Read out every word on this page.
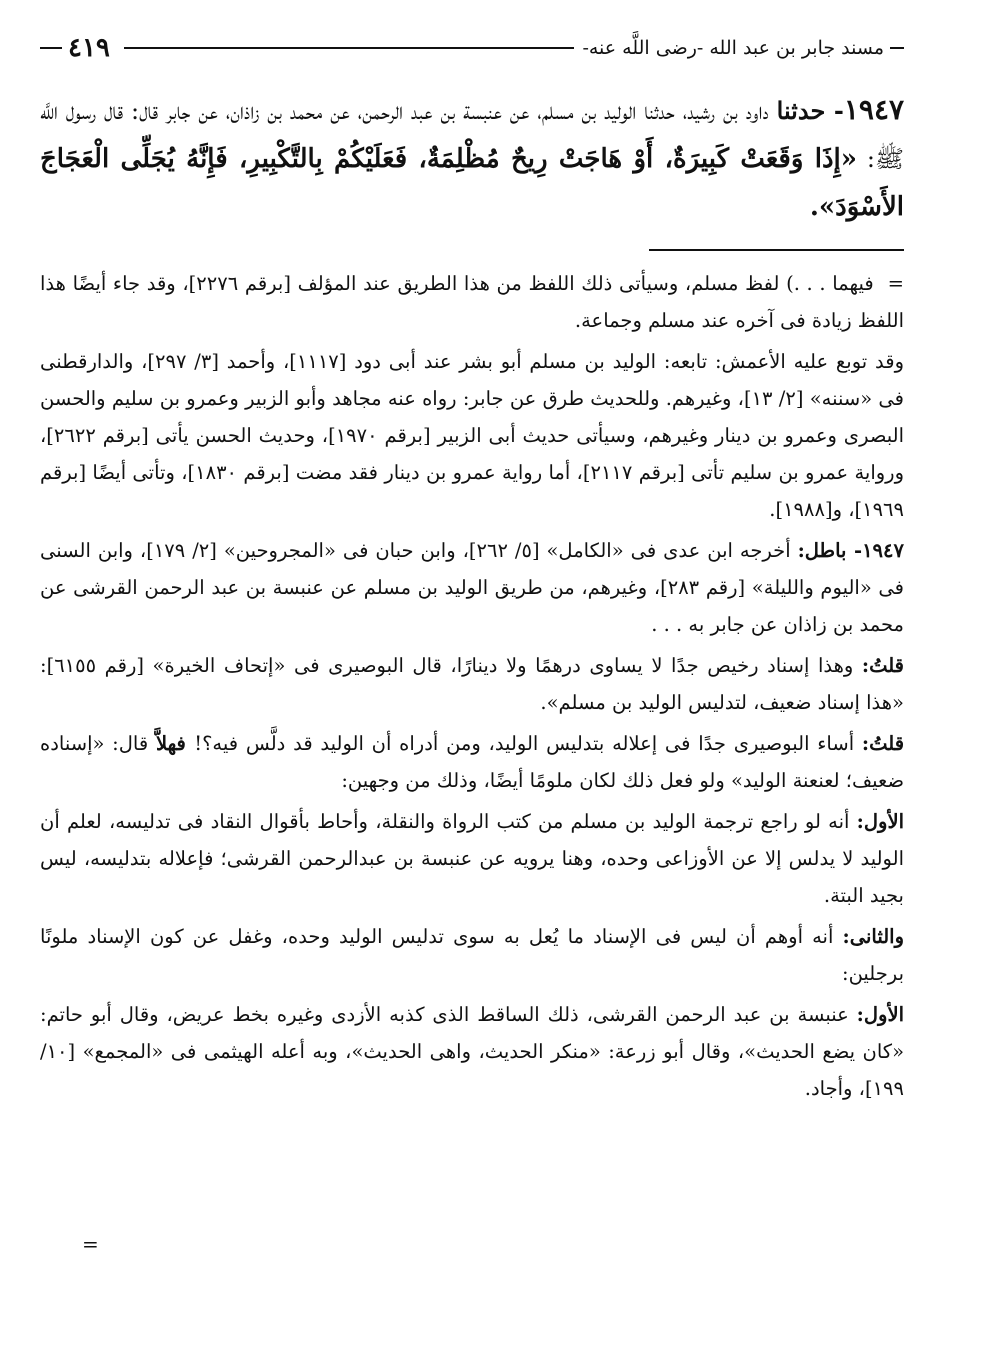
مسند جابر بن عبد الله -رضى اللَّه عنه-
٤١٩
١٩٤٧- حدثنا داود بن رشيد، حدثنا الوليد بن مسلم، عن عنبسة بن عبد الرحمن، عن محمد بن زاذان، عن جابر قال: قال رسول اللَّه ﷺ: «إِذَا وَقَعَتْ كَبِيرَةٌ، أَوْ هَاجَتْ رِيحٌ مُظْلِمَةٌ، فَعَلَيْكُمْ بِالتَّكْبِيرِ، فَإِنَّهُ يُجَلِّى الْعَجَاجَ الأَسْوَدَ».

=فيهما . . .) لفظ مسلم، وسيأتى ذلك اللفظ من هذا الطريق عند المؤلف [برقم ٢٢٧٦]، وقد جاء أيضًا هذا اللفظ زيادة فى آخره عند مسلم وجماعة.

وقد توبع عليه الأعمش: تابعه: الوليد بن مسلم أبو بشر عند أبى دود [١١١٧]، وأحمد [٣/ ٢٩٧]، والدارقطنى فى «سننه» [٢/ ١٣]، وغيرهم. وللحديث طرق عن جابر: رواه عنه مجاهد وأبو الزبير وعمرو بن سليم والحسن البصرى وعمرو بن دينار وغيرهم، وسيأتى حديث أبى الزبير [برقم ١٩٧٠]، وحديث الحسن يأتى [برقم ٢٦٢٢]، ورواية عمرو بن سليم تأتى [برقم ٢١١٧]، أما رواية عمرو بن دينار فقد مضت [برقم ١٨٣٠]، وتأتى أيضًا [برقم ١٩٦٩]، و[١٩٨٨].

١٩٤٧- باطل: أخرجه ابن عدى فى «الكامل» [٥/ ٢٦٢]، وابن حبان فى «المجروحين» [٢/ ١٧٩]، وابن السنى فى «اليوم والليلة» [رقم ٢٨٣]، وغيرهم، من طريق الوليد بن مسلم عن عنبسة بن عبد الرحمن القرشى عن محمد بن زاذان عن جابر به . . .

قلتُ: وهذا إسناد رخيص جدًا لا يساوى درهمًا ولا دينارًا، قال البوصيرى فى «إتحاف الخيرة» [رقم ٦١٥٥]: «هذا إسناد ضعيف، لتدليس الوليد بن مسلم».

قلتُ: أساء البوصيرى جدًا فى إعلاله بتدليس الوليد، ومن أدراه أن الوليد قد دلَّس فيه؟! فهلاَّ قال: «إسناده ضعيف؛ لعنعنة الوليد» ولو فعل ذلك لكان ملومًا أيضًا، وذلك من وجهين:

الأول: أنه لو راجع ترجمة الوليد بن مسلم من كتب الرواة والنقلة، وأحاط بأقوال النقاد فى تدليسه، لعلم أن الوليد لا يدلس إلا عن الأوزاعى وحده، وهنا يرويه عن عنبسة بن عبدالرحمن القرشى؛ فإعلاله بتدليسه، ليس بجيد البتة.

والثانى: أنه أوهم أن ليس فى الإسناد ما يُعل به سوى تدليس الوليد وحده، وغفل عن كون الإسناد ملونًا برجلين:

الأول: عنبسة بن عبد الرحمن القرشى، ذلك الساقط الذى كذبه الأزدى وغيره بخط عريض، وقال أبو حاتم: «كان يضع الحديث»، وقال أبو زرعة: «منكر الحديث، واهى الحديث»، وبه أعله الهيثمى فى «المجمع» [١٠/ ١٩٩]، وأجاد.

=
